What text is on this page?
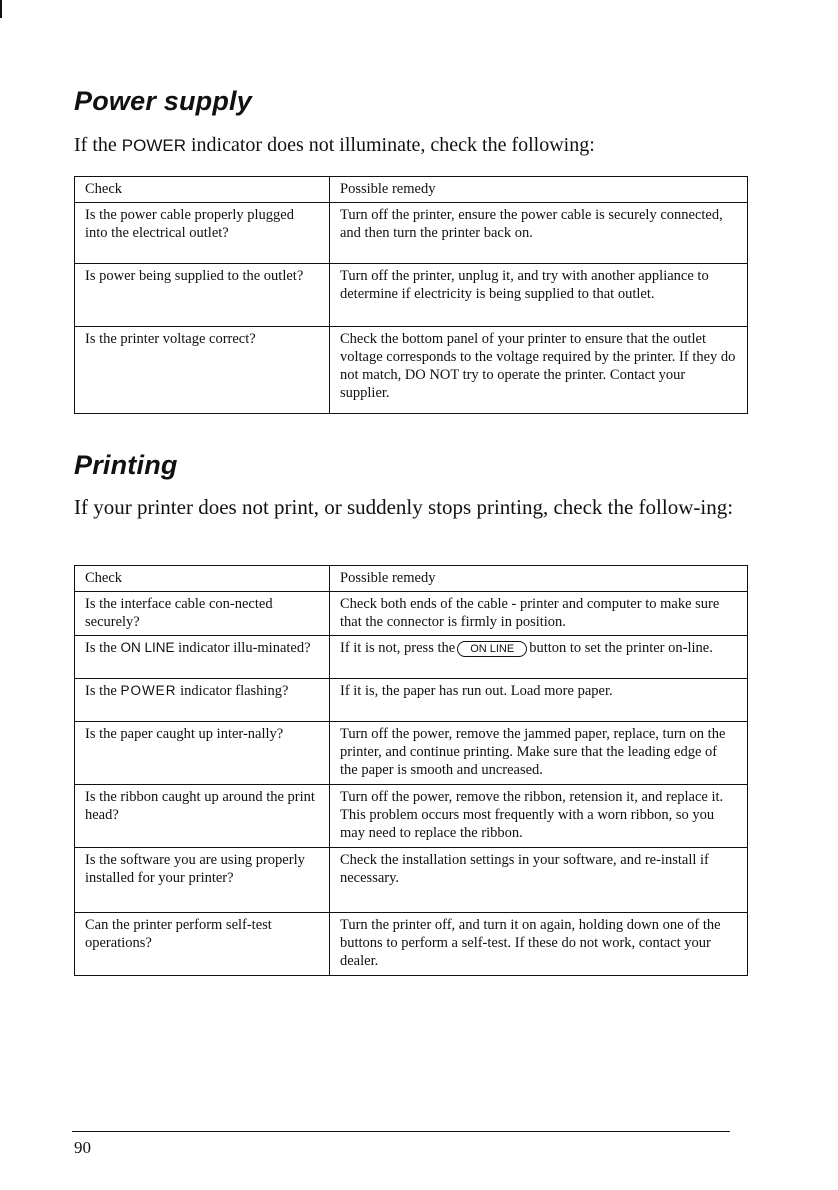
Power supply

If the POWER indicator does not illuminate, check the following:

Check	Possible remedy
Is the power cable properly plugged into the electrical outlet?	Turn off the printer, ensure the power cable is securely connected, and then turn the printer back on.
Is power being supplied to the outlet?	Turn off the printer, unplug it, and try with another appliance to determine if electricity is being supplied to that outlet.
Is the printer voltage correct?	Check the bottom panel of your printer to ensure that the outlet voltage corresponds to the voltage required by the printer. If they do not match, DO NOT try to operate the printer. Contact your supplier.
Printing

If your printer does not print, or suddenly stops printing, check the follow-ing:

Check	Possible remedy
Is the interface cable con-nected securely?	Check both ends of the cable - printer and computer to make sure that the connector is firmly in position.
Is the ON LINE indicator illu-minated?	If it is not, press the ON LINE button to set the printer on-line.
Is the POWER indicator flashing?	If it is, the paper has run out. Load more paper.
Is the paper caught up inter-nally?	Turn off the power, remove the jammed paper, replace, turn on the printer, and continue printing. Make sure that the leading edge of the paper is smooth and uncreased.
Is the ribbon caught up around the print head?	Turn off the power, remove the ribbon, retension it, and replace it. This problem occurs most frequently with a worn ribbon, so you may need to replace the ribbon.
Is the software you are using properly installed for your printer?	Check the installation settings in your software, and re-install if necessary.
Can the printer perform self-test operations?	Turn the printer off, and turn it on again, holding down one of the buttons to perform a self-test. If these do not work, contact your dealer.
90
